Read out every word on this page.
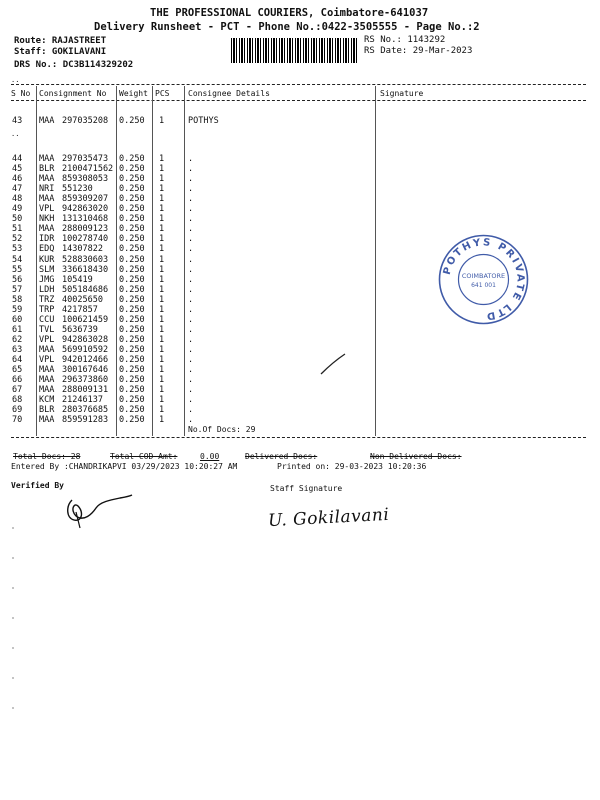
THE PROFESSIONAL COURIERS, Coimbatore-641037
Delivery Runsheet - PCT - Phone No.:0422-3505555 - Page No.:2
Route: RAJASTREET
Staff: GOKILAVANI
DRS No.: DC3B114329202
RS No.: 1143292
RS Date: 29-Mar-2023
..
S No Consignment No Weight PCS Consignee Details	Signature
43 MAA 297035208 0.250 1	POTHYS
..
44 MAA 297035473 0.250 1	.
45 BLR 2100471562 0.250 1	.
46 MAA 859308053 0.250 1	.
47 NRI 551230	0.250 1	.
48 MAA 859309207 0.250 1	.
49 VPL 942863020 0.250 1	.
50 NKH 131310468 0.250 1	.
51 MAA 288009123 0.250 1	.
52 IDR 100278740 0.250 1	.
53 EDQ 14307822 0.250 1	.
54 KUR 528830603 0.250 1	.
55 SLM 336618430 0.250 1	.
56 JMG 105419	0.250 1	.
57 LDH 505184686 0.250 1	.
58 TRZ 40025650 0.250 1	.
59 TRP 4217857 0.250 1	.
60 CCU 100621459 0.250 1	.
61 TVL 5636739 0.250 1	.
62 VPL 942863028 0.250 1	.
63 MAA 569910592 0.250 1	.
64 VPL 942012466 0.250 1	.
65 MAA 300167646 0.250 1	.
66 MAA 296373860 0.250 1	.
67 MAA 288009131 0.250 1	.
68 KCM 21246137 0.250 1	.
69 BLR 280376685 0.250 1	.
70 MAA 859591283 0.250 1	.
No.Of Docs: 29
Total Docs: 28	Total COD Amt:	0.00	Delivered Docs:	Non Delivered Docs:
Entered By :CHANDRIKAPVI 03/29/2023 10:20:27 AM	Printed on: 29-03-2023 10:20:36
Verified By	Staff Signature
U. Gokilavani
POTHYS PRIVATE LTD
COIMBATORE
641 001
